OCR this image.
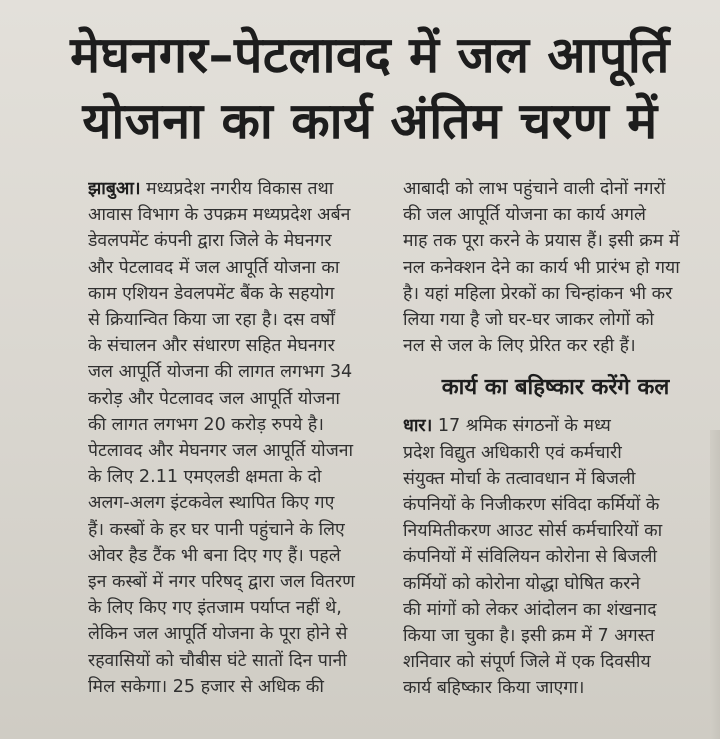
मेघनगर–पेटलावद में जल आपूर्ति
योजना का कार्य अंतिम चरण में
झाबुआ। मध्यप्रदेश नगरीय विकास तथा
आवास विभाग के उपक्रम मध्यप्रदेश अर्बन
डेवलपमेंट कंपनी द्वारा जिले के मेघनगर
और पेटलावद में जल आपूर्ति योजना का
काम एशियन डेवलपमेंट बैंक के सहयोग
से क्रियान्वित किया जा रहा है। दस वर्षों
के संचालन और संधारण सहित मेघनगर
जल आपूर्ति योजना की लागत लगभग 34
करोड़ और पेटलावद जल आपूर्ति योजना
की लागत लगभग 20 करोड़ रुपये है।
पेटलावद और मेघनगर जल आपूर्ति योजना
के लिए 2.11 एमएलडी क्षमता के दो
अलग-अलग इंटकवेल स्थापित किए गए
हैं। कस्बों के हर घर पानी पहुंचाने के लिए
ओवर हैड टैंक भी बना दिए गए हैं। पहले
इन कस्बों में नगर परिषद् द्वारा जल वितरण
के लिए किए गए इंतजाम पर्याप्त नहीं थे,
लेकिन जल आपूर्ति योजना के पूरा होने से
रहवासियों को चौबीस घंटे सातों दिन पानी
मिल सकेगा। 25 हजार से अधिक की
आबादी को लाभ पहुंचाने वाली दोनों नगरों
की जल आपूर्ति योजना का कार्य अगले
माह तक पूरा करने के प्रयास हैं। इसी क्रम में
नल कनेक्शन देने का कार्य भी प्रारंभ हो गया
है। यहां महिला प्रेरकों का चिन्हांकन भी कर
लिया गया है जो घर-घर जाकर लोगों को
नल से जल के लिए प्रेरित कर रही हैं।
कार्य का बहिष्कार करेंगे कल
धार। 17 श्रमिक संगठनों के मध्य
प्रदेश विद्युत अधिकारी एवं कर्मचारी
संयुक्त मोर्चा के तत्वावधान में बिजली
कंपनियों के निजीकरण संविदा कर्मियों के
नियमितीकरण आउट सोर्स कर्मचारियों का
कंपनियों में संविलियन कोरोना से बिजली
कर्मियों को कोरोना योद्धा घोषित करने
की मांगों को लेकर आंदोलन का शंखनाद
किया जा चुका है। इसी क्रम में 7 अगस्त
शनिवार को संपूर्ण जिले में एक दिवसीय
कार्य बहिष्कार किया जाएगा।
